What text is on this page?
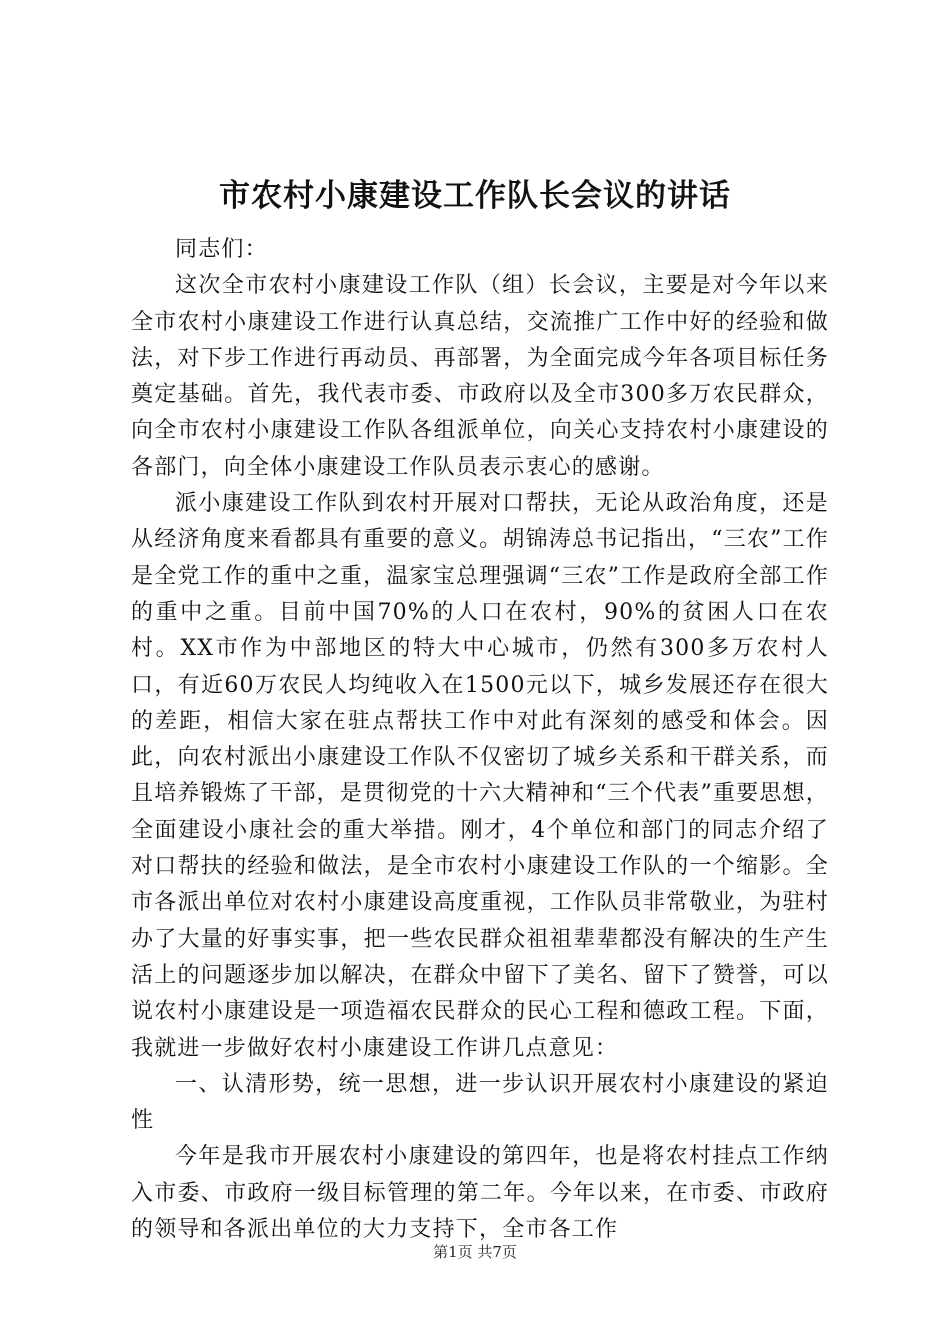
市农村小康建设工作队长会议的讲话

同志们：

这次全市农村小康建设工作队（组）长会议，主要是对今年以来全市农村小康建设工作进行认真总结，交流推广工作中好的经验和做法，对下步工作进行再动员、再部署，为全面完成今年各项目标任务奠定基础。首先，我代表市委、市政府以及全市300多万农民群众，向全市农村小康建设工作队各组派单位，向关心支持农村小康建设的各部门，向全体小康建设工作队员表示衷心的感谢。

派小康建设工作队到农村开展对口帮扶，无论从政治角度，还是从经济角度来看都具有重要的意义。胡锦涛总书记指出，“三农”工作是全党工作的重中之重，温家宝总理强调“三农”工作是政府全部工作的重中之重。目前中国70%的人口在农村，90%的贫困人口在农村。XX市作为中部地区的特大中心城市，仍然有300多万农村人口，有近60万农民人均纯收入在1500元以下，城乡发展还存在很大的差距，相信大家在驻点帮扶工作中对此有深刻的感受和体会。因此，向农村派出小康建设工作队不仅密切了城乡关系和干群关系，而且培养锻炼了干部，是贯彻党的十六大精神和“三个代表”重要思想，全面建设小康社会的重大举措。刚才，4个单位和部门的同志介绍了对口帮扶的经验和做法，是全市农村小康建设工作队的一个缩影。全市各派出单位对农村小康建设高度重视，工作队员非常敬业，为驻村办了大量的好事实事，把一些农民群众祖祖辈辈都没有解决的生产生活上的问题逐步加以解决，在群众中留下了美名、留下了赞誉，可以说农村小康建设是一项造福农民群众的民心工程和德政工程。下面，我就进一步做好农村小康建设工作讲几点意见：

一、认清形势，统一思想，进一步认识开展农村小康建设的紧迫性

今年是我市开展农村小康建设的第四年，也是将农村挂点工作纳入市委、市政府一级目标管理的第二年。今年以来，在市委、市政府的领导和各派出单位的大力支持下，全市各工作

第1页 共7页
